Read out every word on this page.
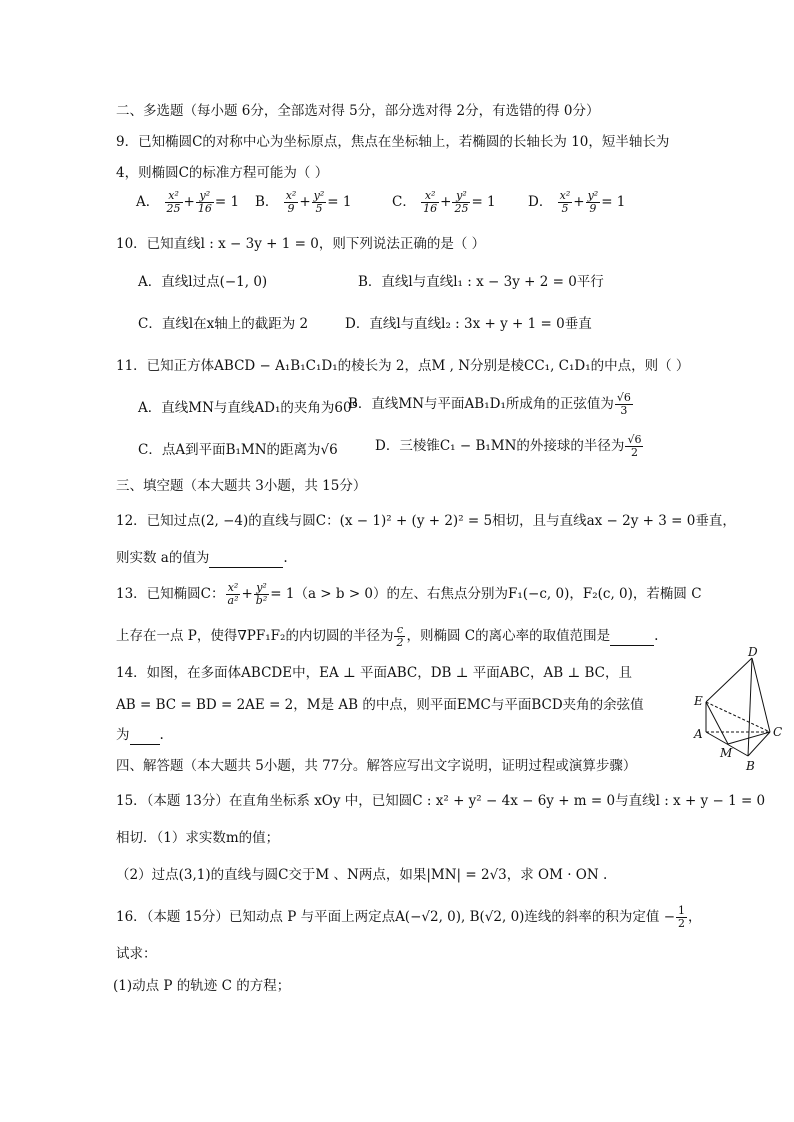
二、多选题（每小题 6分，全部选对得 5分，部分选对得 2分，有选错的得 0分）
9．已知椭圆C的对称中心为坐标原点，焦点在坐标轴上，若椭圆的长轴长为 10，短半轴长为
4，则椭圆C的标准方程可能为（ ）
A． $\frac{\text{x²}}{25} + \frac{\text{y²}}{16} = 1$ B． $\frac{\text{x²}}{9} + \frac{\text{y²}}{5} = 1$	C． $\frac{\text{x²}}{16} + \frac{\text{y²}}{25} = 1$ D． $\frac{\text{x²}}{5} + \frac{\text{y²}}{9} = 1$
10．已知直线l : x − 3y + 1 = 0，则下列说法正确的是（ ）
A．直线l过点(−1, 0)	B．直线l与直线l₁ : x − 3y + 2 = 0平行
C．直线l在x轴上的截距为 2	D．直线l与直线l₂ : 3x + y + 1 = 0垂直
11．已知正方体ABCD − A₁B₁C₁D₁的棱长为 2，点M , N分别是棱CC₁, C₁D₁的中点，则（ ）
A．直线MN与直线AD₁的夹角为60°
B．直线MN与平面AB₁D₁所成角的正弦值为 $\frac{√6}{3}$
C．点A到平面B₁MN的距离为√6	D．三棱锥C₁ − B₁MN的外接球的半径为 $\frac{√6}{2}$
三、填空题（本大题共 3小题，共 15分）
12．已知过点(2, −4)的直线与圆C：(x − 1)² + (y + 2)² = 5相切，且与直线ax − 2y + 3 = 0垂直，
则实数 a的值为	.
13．已知椭圆C： $\frac{\text{x²}}{\text{a²}} + \frac{\text{y²}}{\text{b²}} = 1(a > b > 0)$的左、右焦点分别为F₁(−c, 0)，F₂(c, 0)，若椭圆 C
上存在一点 P，使得∇PF₁F₂的内切圆的半径为 $\frac{c}{2}$ ，则椭圆 C的离心率的取值范围是	.
14．如图，在多面体ABCDE中，EA ⊥ 平面ABC，DB ⊥ 平面ABC，AB ⊥ BC，且
AB = BC = BD = 2AE = 2，M是 AB 的中点，则平面EMC与平面BCD夹角的余弦值
为 .
D
E
A
M
C
B
四、解答题（本大题共 5小题，共 77分。解答应写出文字说明，证明过程或演算步骤）
15．（本题 13分）在直角坐标系 xOy 中，已知圆C : x² + y² − 4x − 6y + m = 0与直线l : x + y − 1 = 0
相切．（1）求实数m的值；
（2）过点(3,1)的直线与圆C交于M 、N两点，如果|MN| = 2√3，求 OM · ON .
16．（本题 15分）已知动点 P 与平面上两定点A(−√2, 0), B(√2, 0)连线的斜率的积为定值 − $\frac{1}{2}$ ，
试求：
(1)动点 P 的轨迹 C 的方程；
